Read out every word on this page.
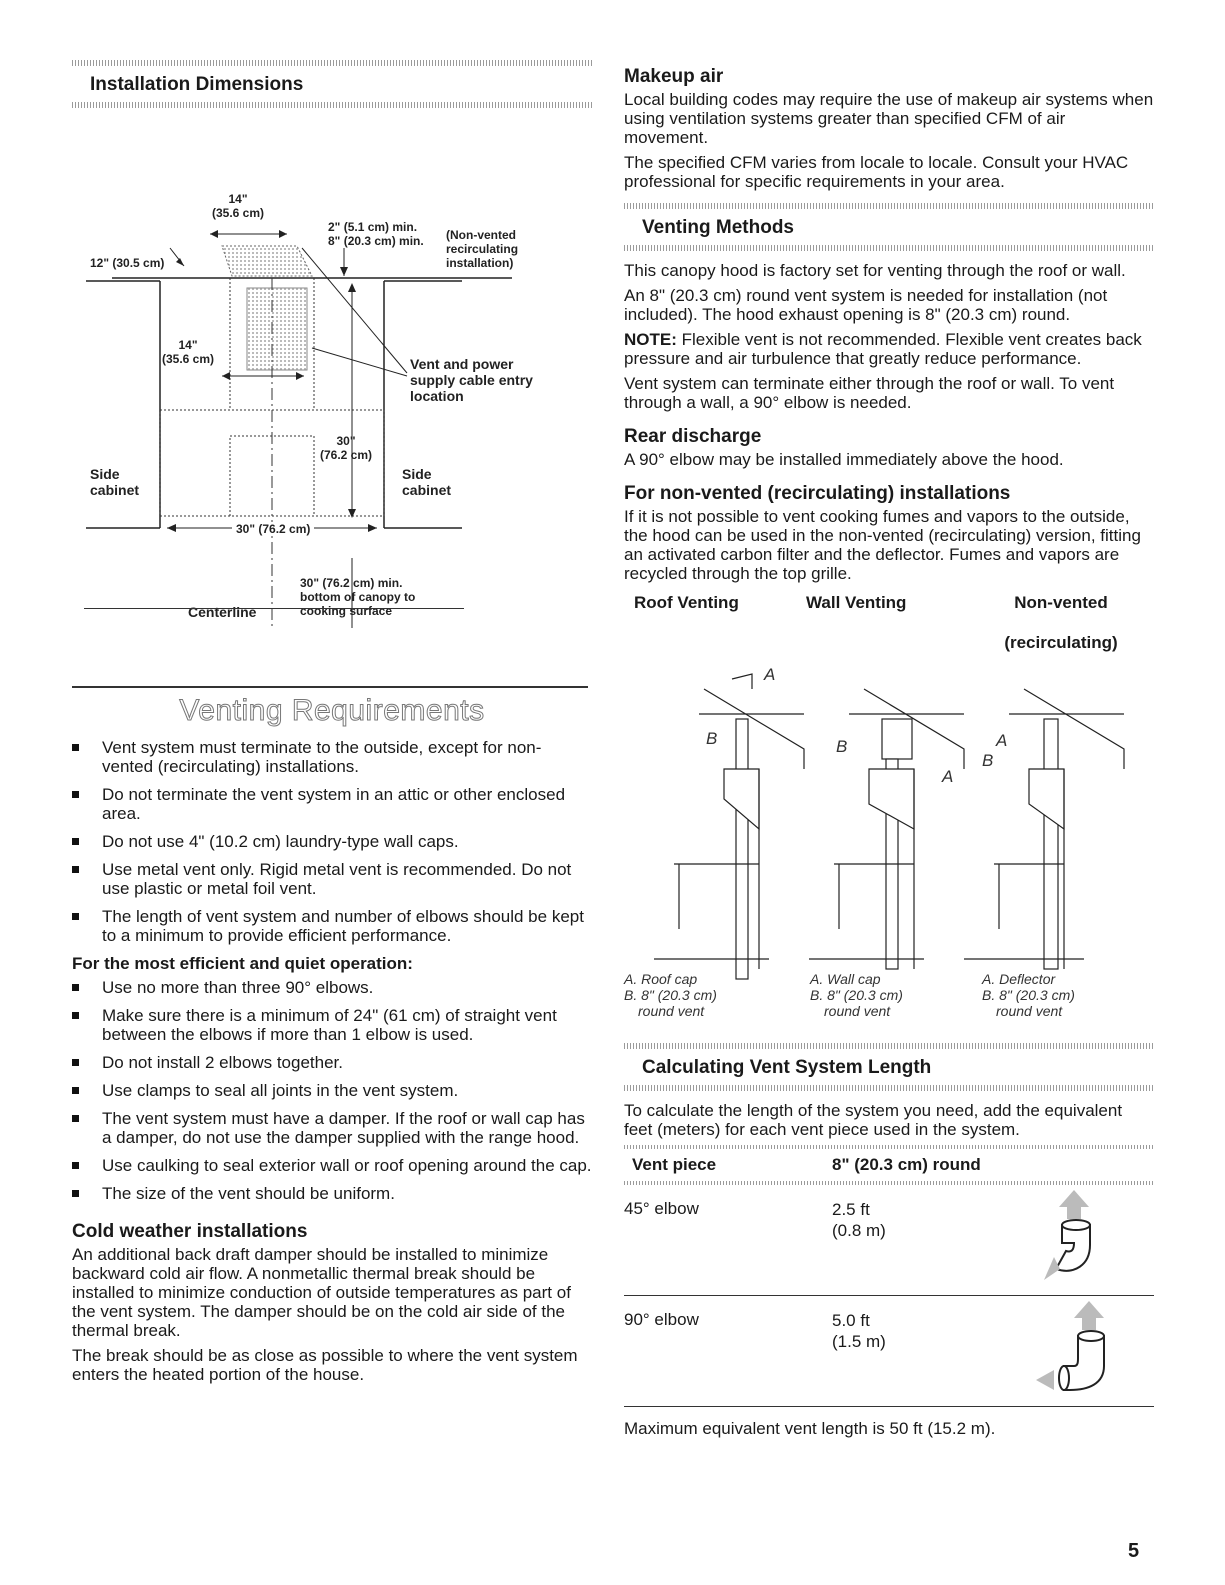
Installation Dimensions
14"
(35.6 cm)
12" (30.5 cm)
2" (5.1 cm) min.
8" (20.3 cm) min. (Non-vented
recirculating
installation)
14"
(35.6 cm)	Vent and power
supply cable entry
location
30"
(76.2 cm)
Side
cabinet
Side
cabinet
30" (76.2 cm)
30" (76.2 cm) min.
bottom of canopy to
cooking surface
Centerline
Venting Requirements
Vent system must terminate to the outside, except for non-vented (recirculating) installations.
Do not terminate the vent system in an attic or other enclosed area.
Do not use 4" (10.2 cm) laundry-type wall caps.
Use metal vent only. Rigid metal vent is recommended. Do not use plastic or metal foil vent.
The length of vent system and number of elbows should be kept to a minimum to provide efficient performance.
For the most efficient and quiet operation:
Use no more than three 90° elbows.
Make sure there is a minimum of 24" (61 cm) of straight vent between the elbows if more than 1 elbow is used.
Do not install 2 elbows together.
Use clamps to seal all joints in the vent system.
The vent system must have a damper. If the roof or wall cap has a damper, do not use the damper supplied with the range hood.
Use caulking to seal exterior wall or roof opening around the cap.
The size of the vent should be uniform.
Cold weather installations

An additional back draft damper should be installed to minimize backward cold air flow. A nonmetallic thermal break should be installed to minimize conduction of outside temperatures as part of the vent system. The damper should be on the cold air side of the thermal break.

The break should be as close as possible to where the vent system enters the heated portion of the house.

Makeup air

Local building codes may require the use of makeup air systems when using ventilation systems greater than specified CFM of air movement.

The specified CFM varies from locale to locale. Consult your HVAC professional for specific requirements in your area.

Venting Methods

This canopy hood is factory set for venting through the roof or wall.

An 8" (20.3 cm) round vent system is needed for installation (not included). The hood exhaust opening is 8" (20.3 cm) round.

NOTE: Flexible vent is not recommended. Flexible vent creates back pressure and air turbulence that greatly reduce performance.

Vent system can terminate either through the roof or wall. To vent through a wall, a 90° elbow is needed.

Rear discharge

A 90° elbow may be installed immediately above the hood.

For non-vented (recirculating) installations

If it is not possible to vent cooking fumes and vapors to the outside, the hood can be used in the non-vented (recirculating) version, fitting an activated carbon filter and the deflector. Fumes and vapors are recycled through the top grille.

Roof Venting	Wall Venting	Non-vented

(recirculating)
A
B	B
A
A
B
A. Roof cap
B. 8" (20.3 cm)
round vent
A. Wall cap
B. 8" (20.3 cm)
round vent
A. Deflector
B. 8" (20.3 cm)
round vent
Calculating Vent System Length

To calculate the length of the system you need, add the equivalent feet (meters) for each vent piece used in the system.

Vent piece	8" (20.3 cm) round
45° elbow	2.5 ft
(0.8 m)
90° elbow	5.0 ft
(1.5 m)

Maximum equivalent vent length is 50 ft (15.2 m).

5
